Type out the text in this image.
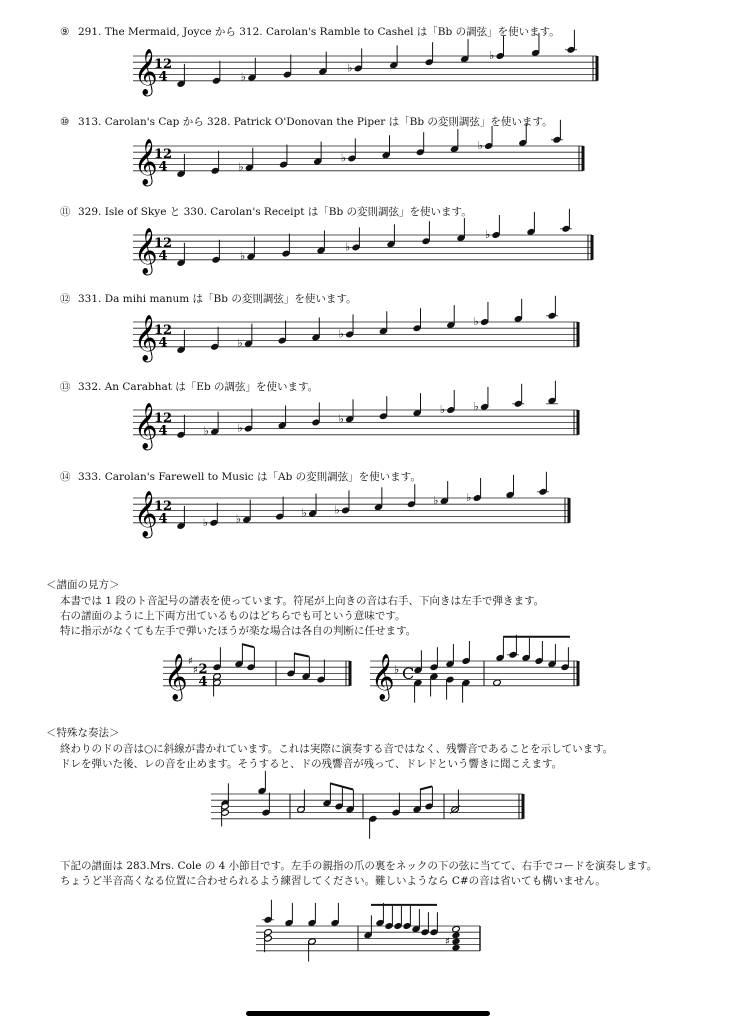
⑨ 291. The Mermaid, Joyce から 312. Carolan's Ramble to Cashel は「Bb の調弦」を使います。
⑩ 313. Carolan's Cap から 328. Patrick O'Donovan the Piper は「Bb の変則調弦」を使います。
⑪ 329. Isle of Skye と 330. Carolan's Receipt は「Bb の変則調弦」を使います。
⑫ 331. Da mihi manum は「Bb の変則調弦」を使います。
⑬ 332. An Carabhat は「Eb の調弦」を使います。
⑭ 333. Carolan's Farewell to Music は「Ab の変則調弦」を使います。
＜譜面の見方＞
本書では 1 段のト音記号の譜表を使っています。符尾が上向きの音は右手、下向きは左手で弾きます。
右の譜面のように上下両方出ているものはどちらでも可という意味です。
特に指示がなくても左手で弾いたほうが楽な場合は各自の判断に任せます。
＜特殊な奏法＞
終わりのドの音は○に斜線が書かれています。これは実際に演奏する音ではなく、残響音であることを示しています。
ドレを弾いた後、レの音を止めます。そうすると、ドの残響音が残って、ドレドという響きに聞こえます。
下記の譜面は 283.Mrs. Cole の 4 小節目です。左手の親指の爪の裏をネックの下の弦に当てて、右手でコードを演奏します。
ちょうど半音高くなる位置に合わせられるよう練習してください。難しいようなら C#の音は省いても構いません。
𝄞
12
4	♭
♭
♭
𝄞
12
4	♭
♭
♭
𝄞
12
4	♭
♭
♭
𝄞
12
4	♭
♭
♭
𝄞
12
4	♭	♭
♭
♭	♭
𝄞
12
4	♭	♭	♭	♭
♭	♭
𝄞 ♯
♯ 2
4	𝄞 ♭ C
♯
